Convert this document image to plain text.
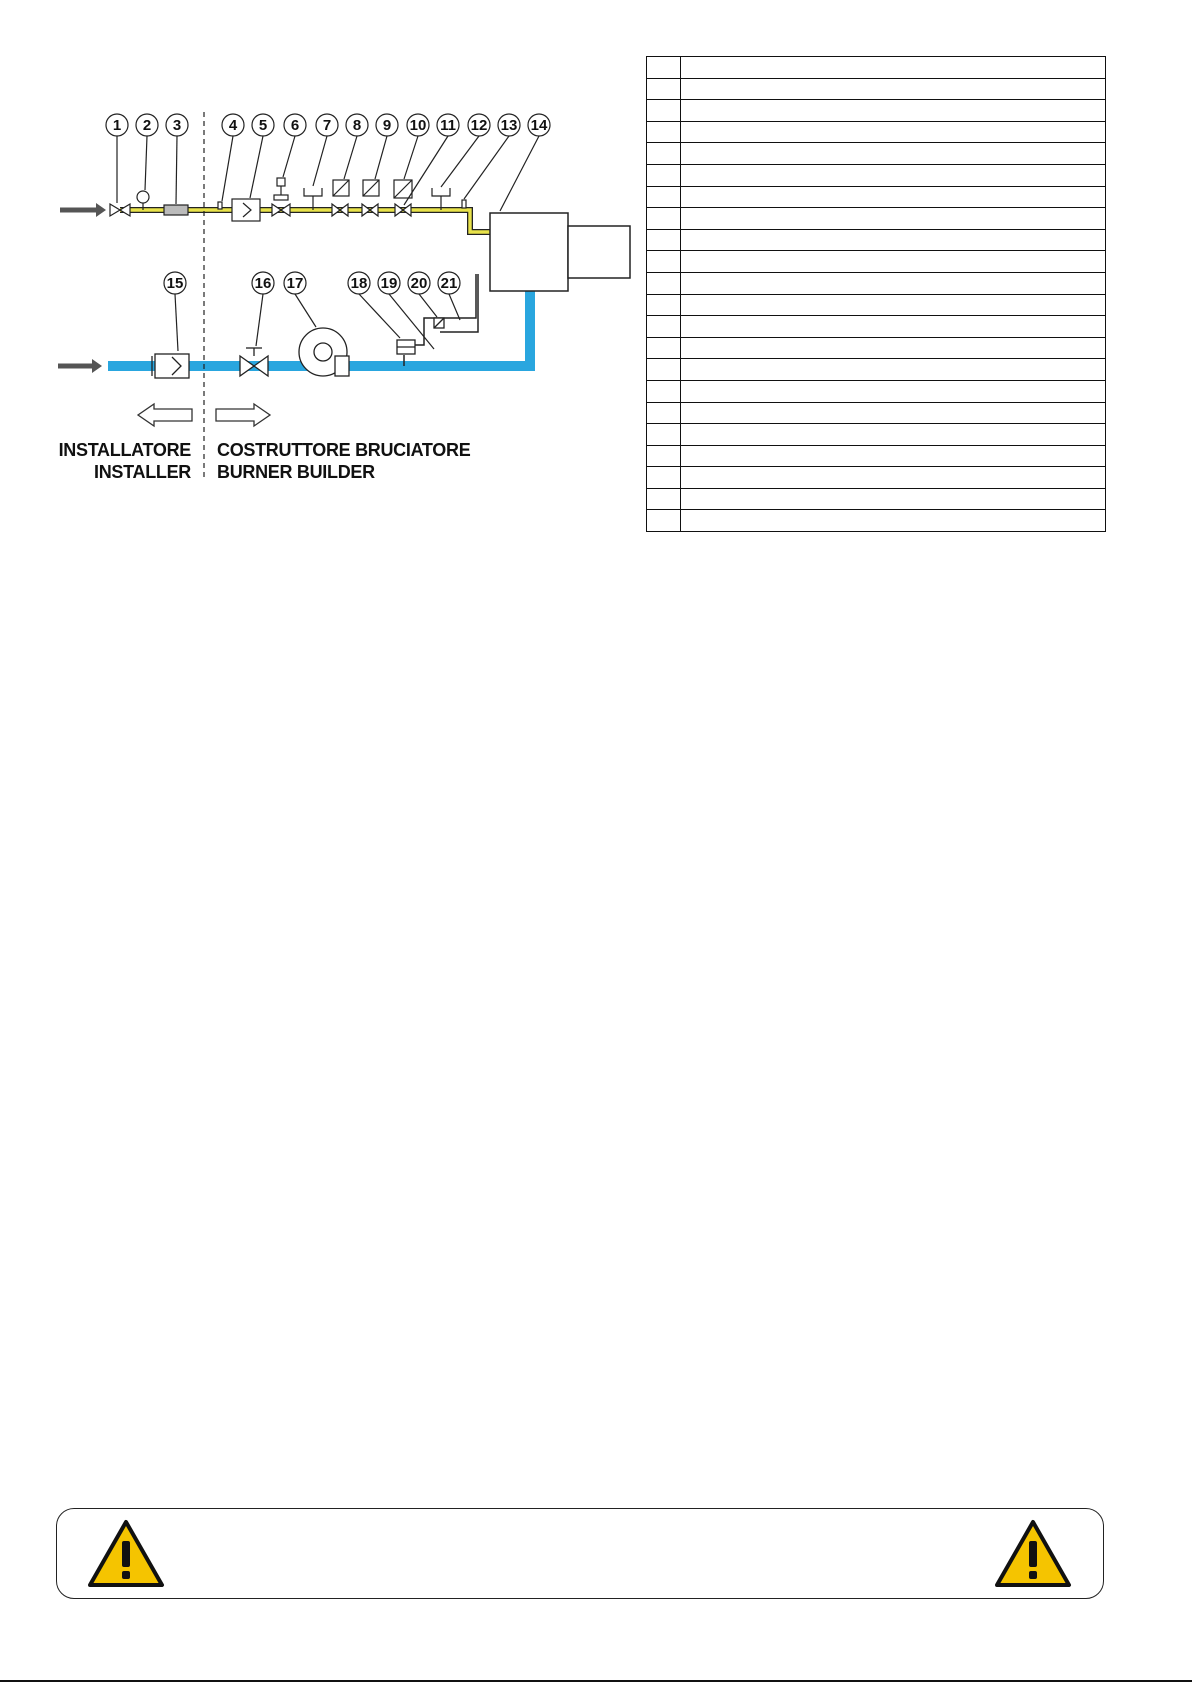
INSTALLATORE
INSTALLER
COSTRUTTORE BRUCIATORE
BURNER BUILDER
1 2 3	4 5 6 7 8 9 10 11 12 13 14
15	16 17	18 19 20 21
